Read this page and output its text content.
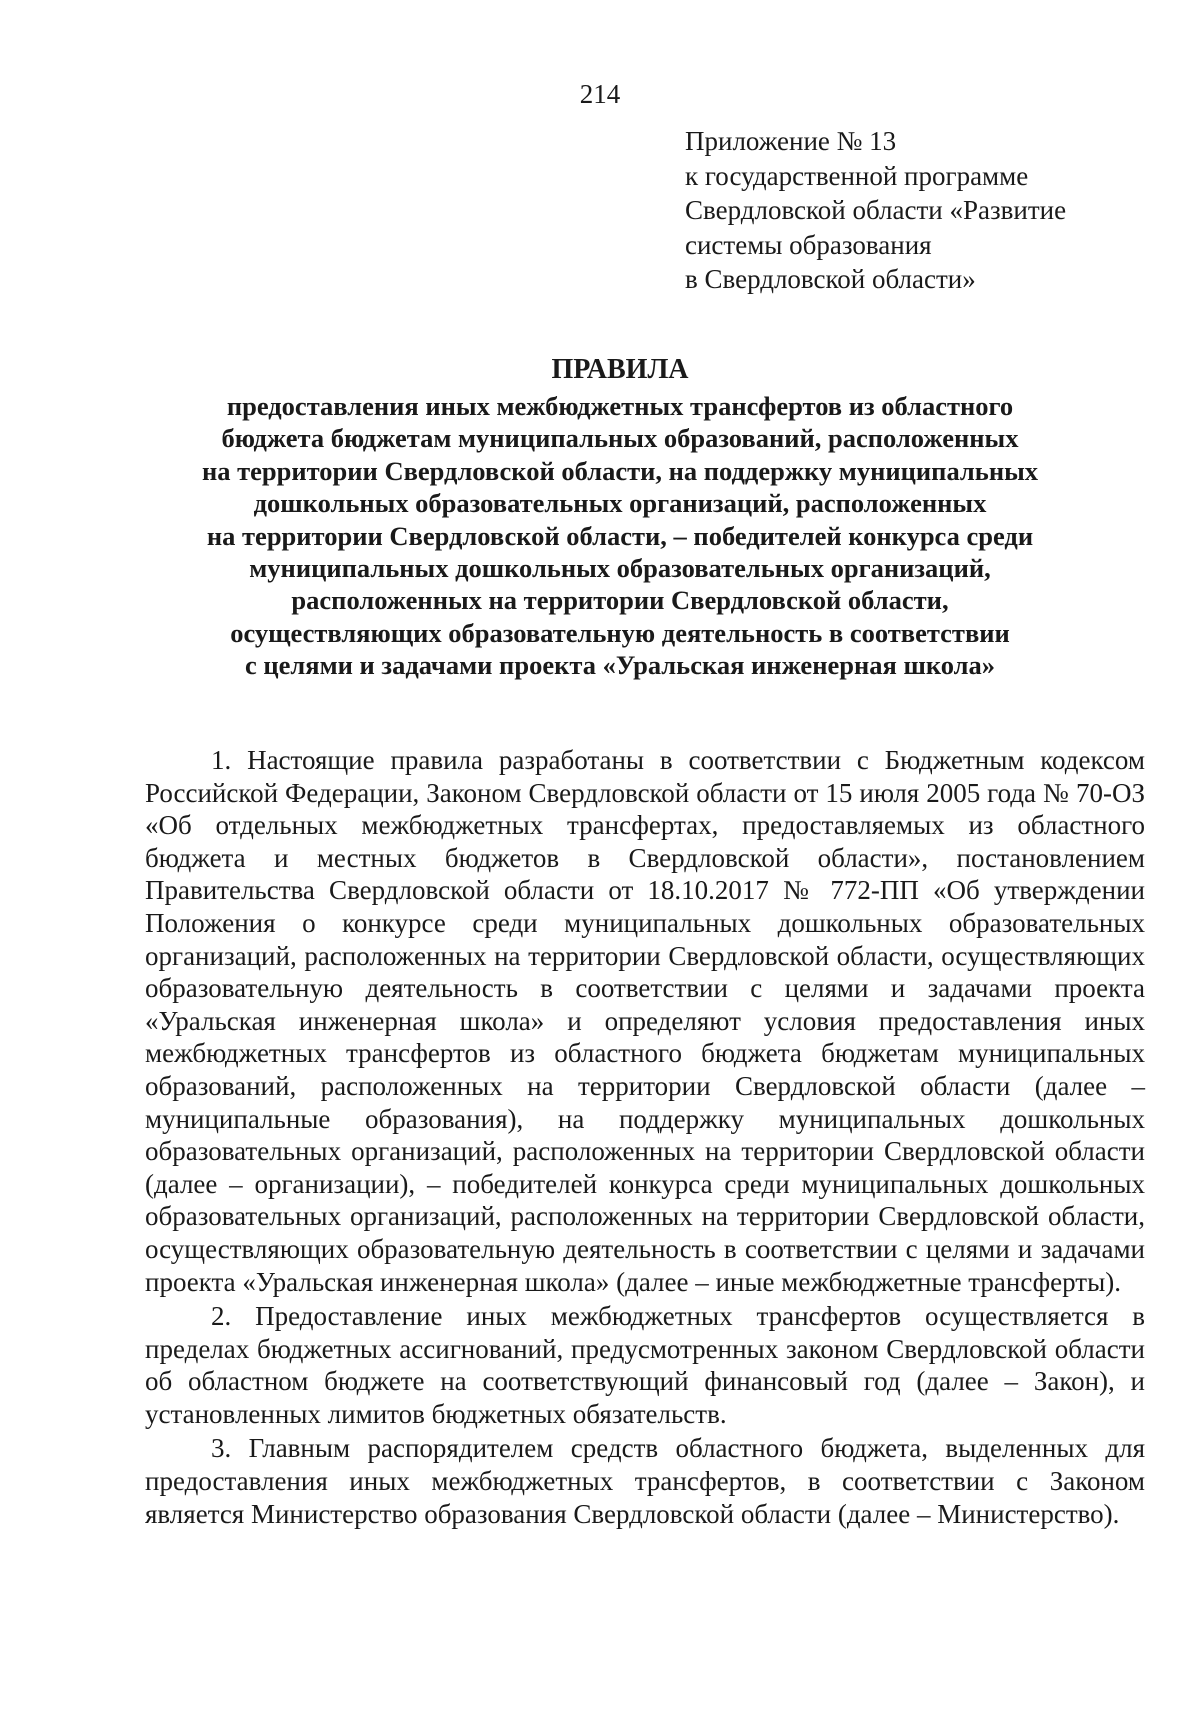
214
Приложение № 13
к государственной программе
Свердловской области «Развитие
системы образования
в Свердловской области»
ПРАВИЛА
предоставления иных межбюджетных трансфертов из областного
бюджета бюджетам муниципальных образований, расположенных
на территории Свердловской области, на поддержку муниципальных
дошкольных образовательных организаций, расположенных
на территории Свердловской области, – победителей конкурса среди
муниципальных дошкольных образовательных организаций,
расположенных на территории Свердловской области,
осуществляющих образовательную деятельность в соответствии
с целями и задачами проекта «Уральская инженерная школа»

1. Настоящие правила разработаны в соответствии с Бюджетным кодексом Российской Федерации, Законом Свердловской области от 15 июля 2005 года № 70-ОЗ «Об отдельных межбюджетных трансфертах, предоставляемых из областного бюджета и местных бюджетов в Свердловской области», постановлением Правительства Свердловской области от 18.10.2017 № 772-ПП «Об утверждении Положения о конкурсе среди муниципальных дошкольных образовательных организаций, расположенных на территории Свердловской области, осуществляющих образовательную деятельность в соответствии с целями и задачами проекта «Уральская инженерная школа» и определяют условия предоставления иных межбюджетных трансфертов из областного бюджета бюджетам муниципальных образований, расположенных на территории Свердловской области (далее – муниципальные образования), на поддержку муниципальных дошкольных образовательных организаций, расположенных на территории Свердловской области (далее – организации), – победителей конкурса среди муниципальных дошкольных образовательных организаций, расположенных на территории Свердловской области, осуществляющих образовательную деятельность в соответствии с целями и задачами проекта «Уральская инженерная школа» (далее – иные межбюджетные трансферты).

2. Предоставление иных межбюджетных трансфертов осуществляется в пределах бюджетных ассигнований, предусмотренных законом Свердловской области об областном бюджете на соответствующий финансовый год (далее – Закон), и установленных лимитов бюджетных обязательств.

3. Главным распорядителем средств областного бюджета, выделенных для предоставления иных межбюджетных трансфертов, в соответствии с Законом является Министерство образования Свердловской области (далее – Министерство).
